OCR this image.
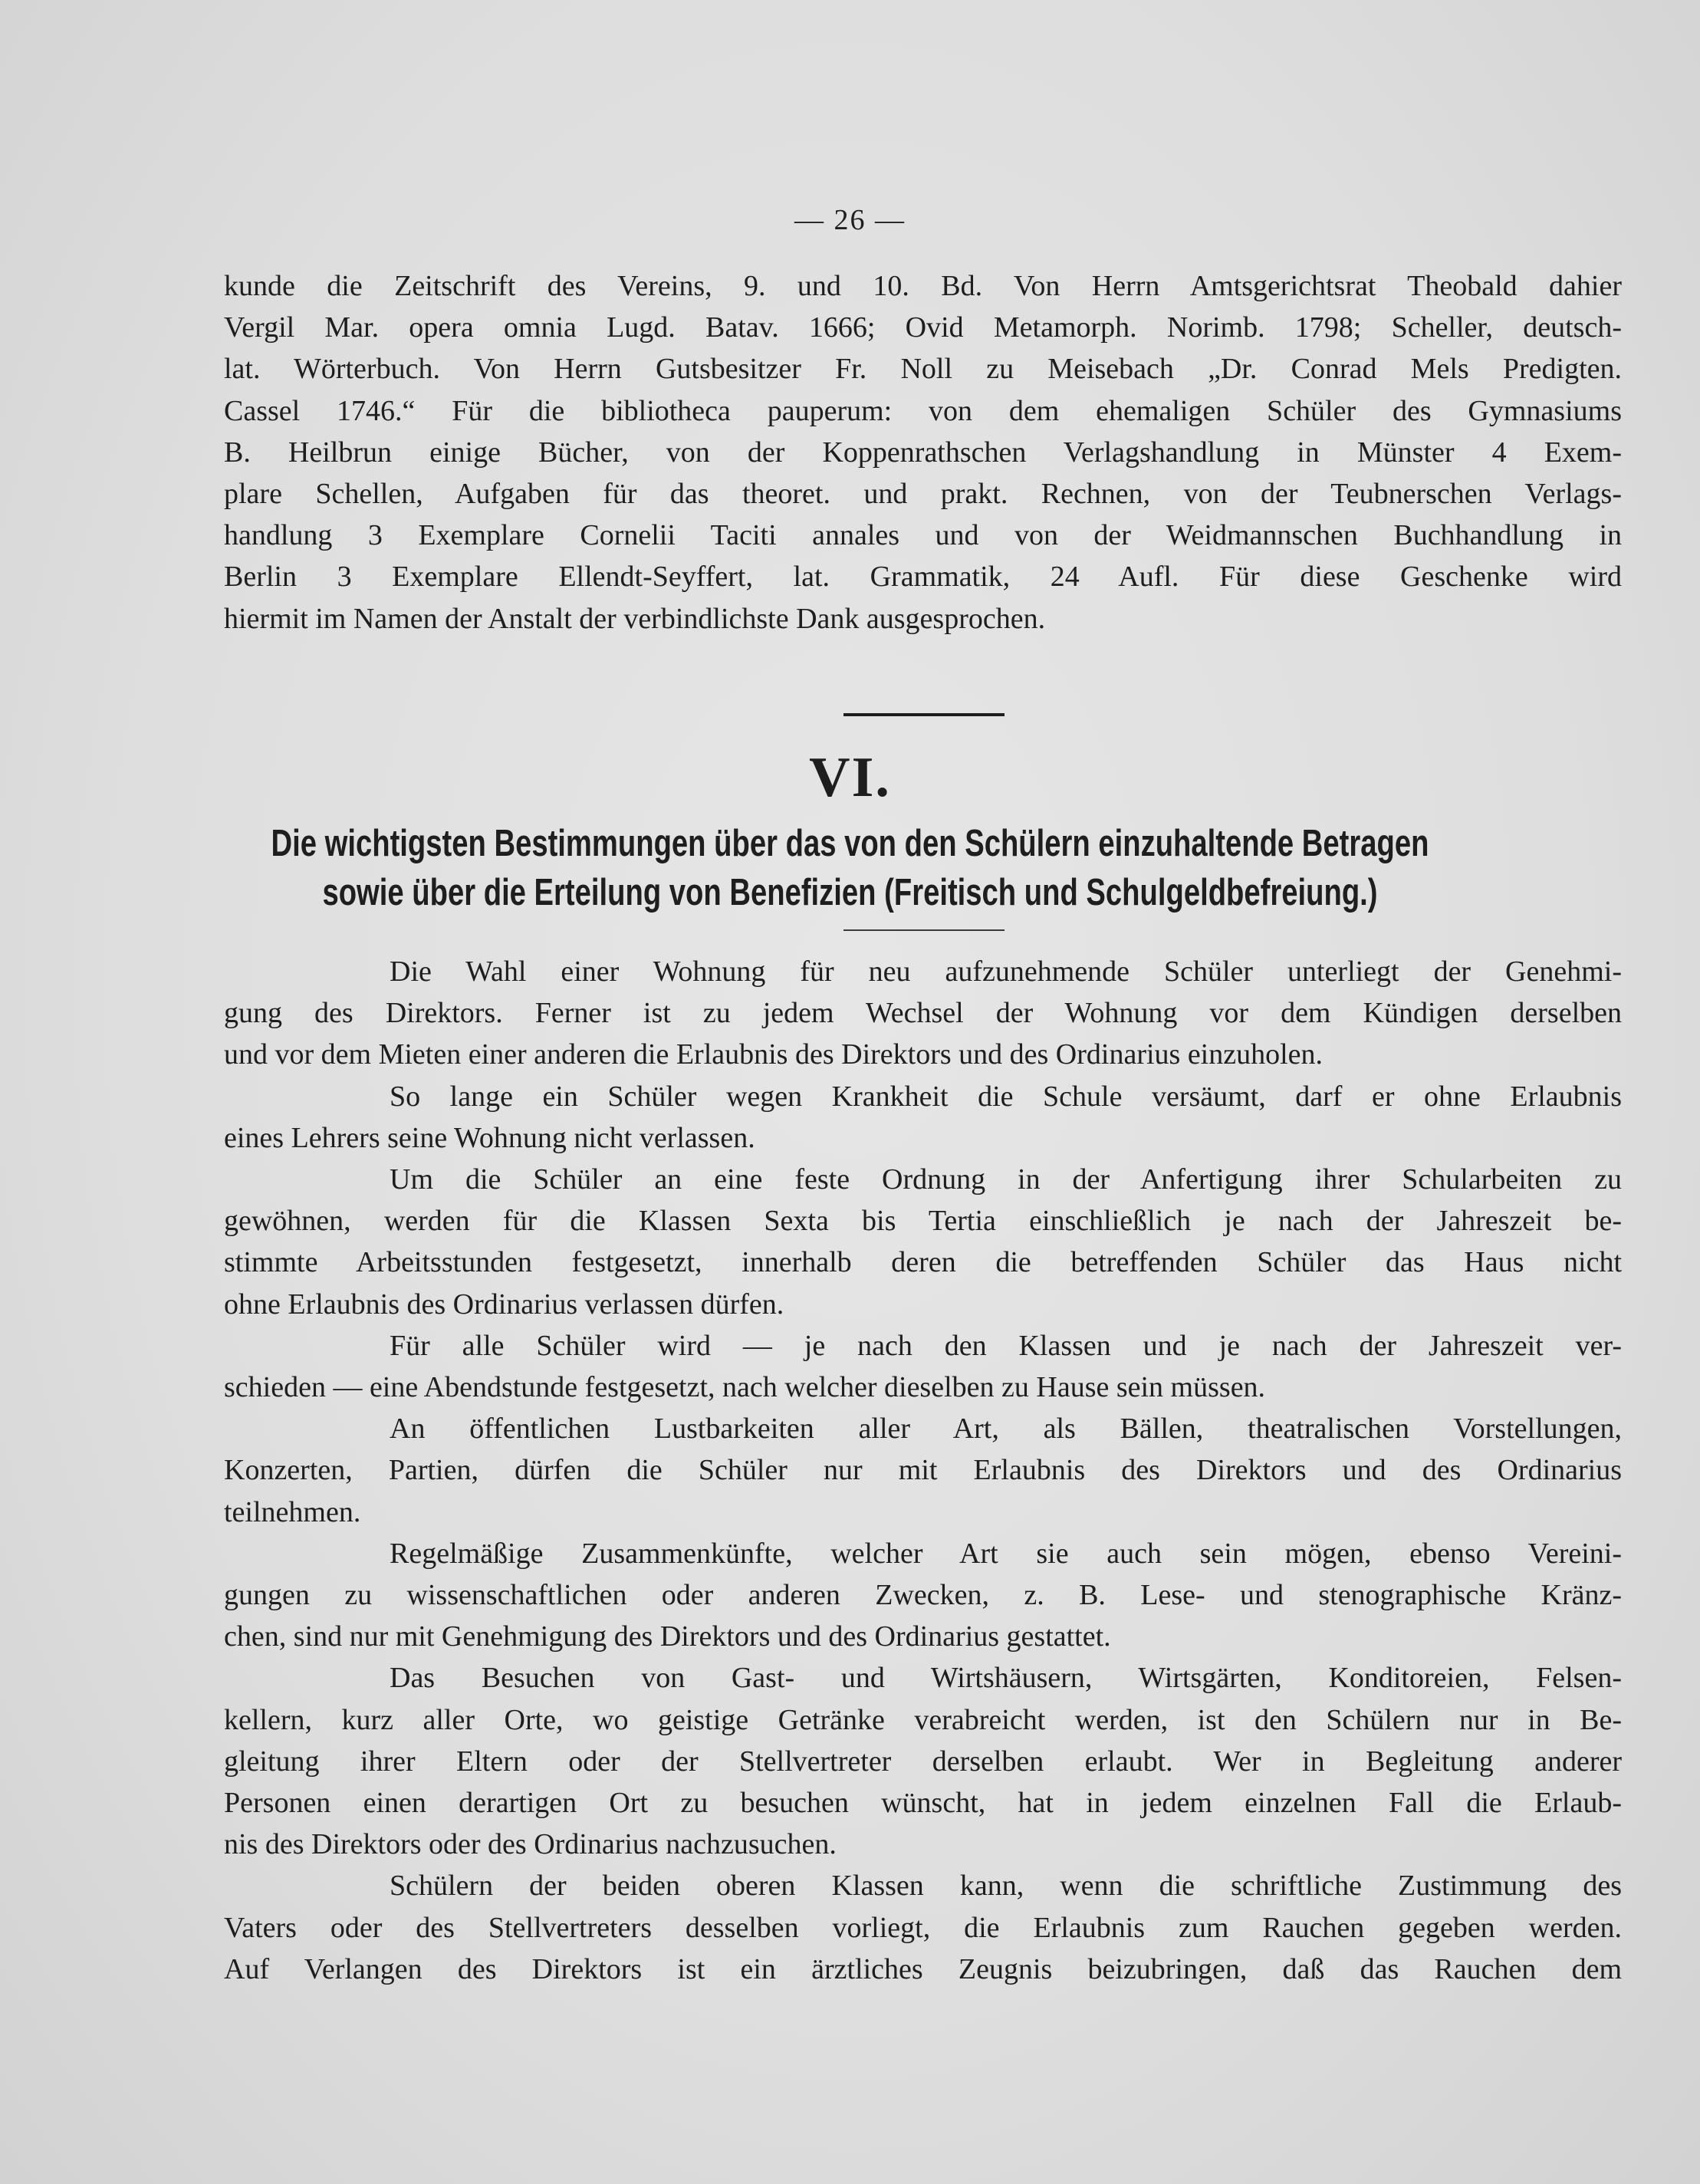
— 26 —
kunde die Zeitschrift des Vereins, 9. und 10. Bd. Von Herrn Amtsgerichtsrat Theobald dahier
Vergil Mar. opera omnia Lugd. Batav. 1666; Ovid Metamorph. Norimb. 1798; Scheller, deutsch-
lat. Wörterbuch. Von Herrn Gutsbesitzer Fr. Noll zu Meisebach „Dr. Conrad Mels Predigten.
Cassel 1746.“ Für die bibliotheca pauperum: von dem ehemaligen Schüler des Gymnasiums
B. Heilbrun einige Bücher, von der Koppenrathschen Verlagshandlung in Münster 4 Exem-
plare Schellen, Aufgaben für das theoret. und prakt. Rechnen, von der Teubnerschen Verlags-
handlung 3 Exemplare Cornelii Taciti annales und von der Weidmannschen Buchhandlung in
Berlin 3 Exemplare Ellendt-Seyffert, lat. Grammatik, 24 Aufl. Für diese Geschenke wird
hiermit im Namen der Anstalt der verbindlichste Dank ausgesprochen.
VI.
Die wichtigsten Bestimmungen über das von den Schülern einzuhaltende Betragen
sowie über die Erteilung von Benefizien (Freitisch und Schulgeldbefreiung.)
Die Wahl einer Wohnung für neu aufzunehmende Schüler unterliegt der Genehmi-
gung des Direktors. Ferner ist zu jedem Wechsel der Wohnung vor dem Kündigen derselben
und vor dem Mieten einer anderen die Erlaubnis des Direktors und des Ordinarius einzuholen.
So lange ein Schüler wegen Krankheit die Schule versäumt, darf er ohne Erlaubnis
eines Lehrers seine Wohnung nicht verlassen.
Um die Schüler an eine feste Ordnung in der Anfertigung ihrer Schularbeiten zu
gewöhnen, werden für die Klassen Sexta bis Tertia einschließlich je nach der Jahreszeit be-
stimmte Arbeitsstunden festgesetzt, innerhalb deren die betreffenden Schüler das Haus nicht
ohne Erlaubnis des Ordinarius verlassen dürfen.
Für alle Schüler wird — je nach den Klassen und je nach der Jahreszeit ver-
schieden — eine Abendstunde festgesetzt, nach welcher dieselben zu Hause sein müssen.
An öffentlichen Lustbarkeiten aller Art, als Bällen, theatralischen Vorstellungen,
Konzerten, Partien, dürfen die Schüler nur mit Erlaubnis des Direktors und des Ordinarius
teilnehmen.
Regelmäßige Zusammenkünfte, welcher Art sie auch sein mögen, ebenso Vereini-
gungen zu wissenschaftlichen oder anderen Zwecken, z. B. Lese- und stenographische Kränz-
chen, sind nur mit Genehmigung des Direktors und des Ordinarius gestattet.
Das Besuchen von Gast- und Wirtshäusern, Wirtsgärten, Konditoreien, Felsen-
kellern, kurz aller Orte, wo geistige Getränke verabreicht werden, ist den Schülern nur in Be-
gleitung ihrer Eltern oder der Stellvertreter derselben erlaubt. Wer in Begleitung anderer
Personen einen derartigen Ort zu besuchen wünscht, hat in jedem einzelnen Fall die Erlaub-
nis des Direktors oder des Ordinarius nachzusuchen.
Schülern der beiden oberen Klassen kann, wenn die schriftliche Zustimmung des
Vaters oder des Stellvertreters desselben vorliegt, die Erlaubnis zum Rauchen gegeben werden.
Auf Verlangen des Direktors ist ein ärztliches Zeugnis beizubringen, daß das Rauchen dem
